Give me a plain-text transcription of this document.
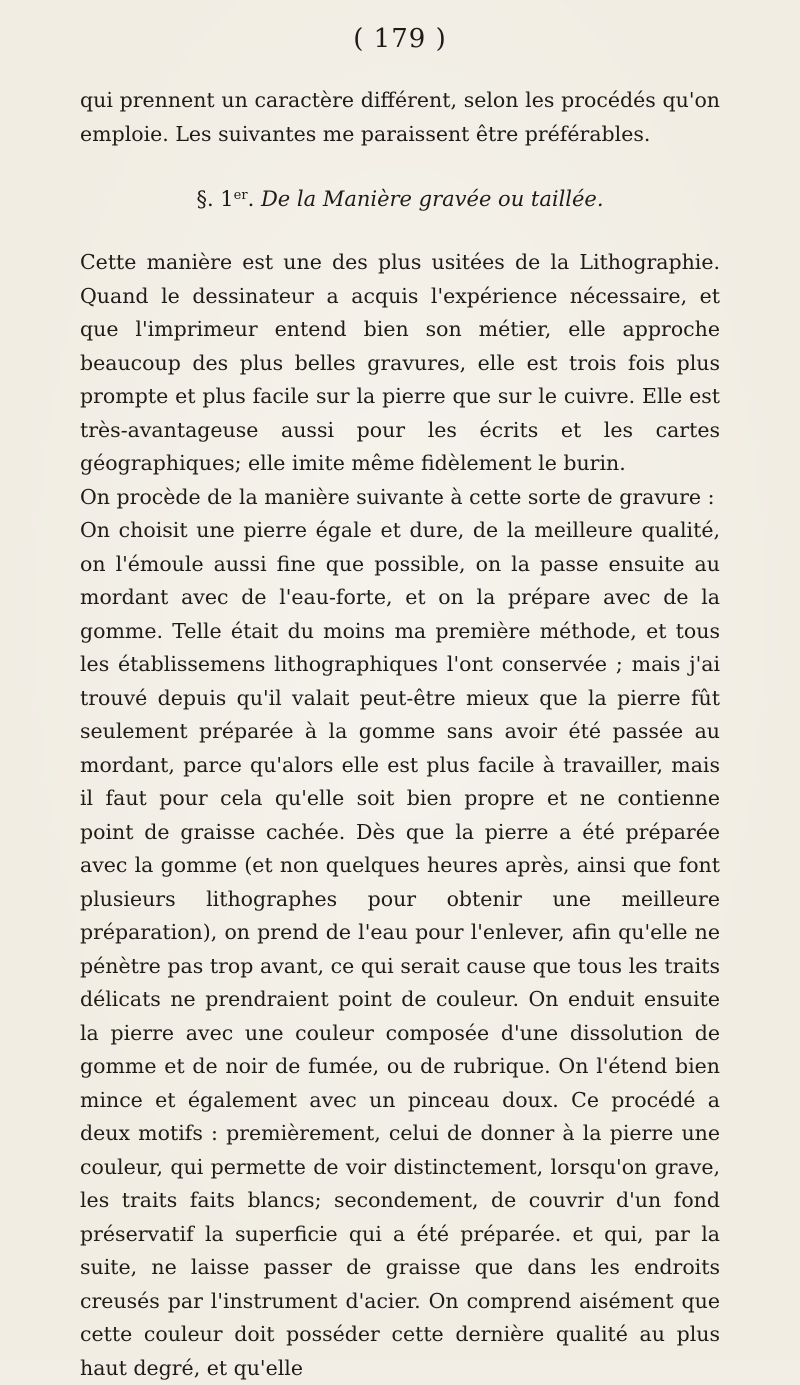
( 179 )

qui prennent un caractère différent, selon les procédés qu'on emploie. Les suivantes me paraissent être préférables.

§. 1er. De la Manière gravée ou taillée.

Cette manière est une des plus usitées de la Lithographie. Quand le dessinateur a acquis l'expérience nécessaire, et que l'imprimeur entend bien son métier, elle approche beaucoup des plus belles gravures, elle est trois fois plus prompte et plus facile sur la pierre que sur le cuivre. Elle est très-avantageuse aussi pour les écrits et les cartes géographiques; elle imite même fidèlement le burin.

On procède de la manière suivante à cette sorte de gravure :

On choisit une pierre égale et dure, de la meilleure qualité, on l'émoule aussi fine que possible, on la passe ensuite au mordant avec de l'eau-forte, et on la prépare avec de la gomme. Telle était du moins ma première méthode, et tous les établissemens lithographiques l'ont conservée ; mais j'ai trouvé depuis qu'il valait peut-être mieux que la pierre fût seulement préparée à la gomme sans avoir été passée au mordant, parce qu'alors elle est plus facile à travailler, mais il faut pour cela qu'elle soit bien propre et ne contienne point de graisse cachée. Dès que la pierre a été préparée avec la gomme (et non quelques heures après, ainsi que font plusieurs lithographes pour obtenir une meilleure préparation), on prend de l'eau pour l'enlever, afin qu'elle ne pénètre pas trop avant, ce qui serait cause que tous les traits délicats ne prendraient point de couleur. On enduit ensuite la pierre avec une couleur composée d'une dissolution de gomme et de noir de fumée, ou de rubrique. On l'étend bien mince et également avec un pinceau doux. Ce procédé a deux motifs : premièrement, celui de donner à la pierre une couleur, qui permette de voir distinctement, lorsqu'on grave, les traits faits blancs; secondement, de couvrir d'un fond préservatif la superficie qui a été préparée. et qui, par la suite, ne laisse passer de graisse que dans les endroits creusés par l'instrument d'acier. On comprend aisément que cette couleur doit posséder cette dernière qualité au plus haut degré, et qu'elle
